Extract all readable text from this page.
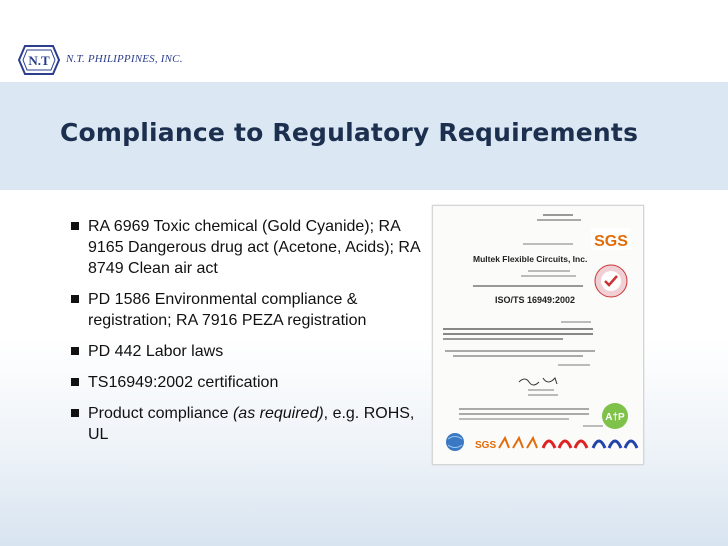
N.T N.T. PHILIPPINES, INC.
Compliance to Regulatory Requirements
RA 6969 Toxic chemical (Gold Cyanide); RA 9165 Dangerous drug act (Acetone, Acids); RA 8749 Clean air act
PD 1586 Environmental compliance & registration; RA 7916 PEZA registration
PD 442 Labor laws
TS16949:2002 certification
Product compliance (as required), e.g. ROHS, UL
SGS
Multek Flexible Circuits, Inc.
ISO/TS 16949:2002
A†P
SGS
